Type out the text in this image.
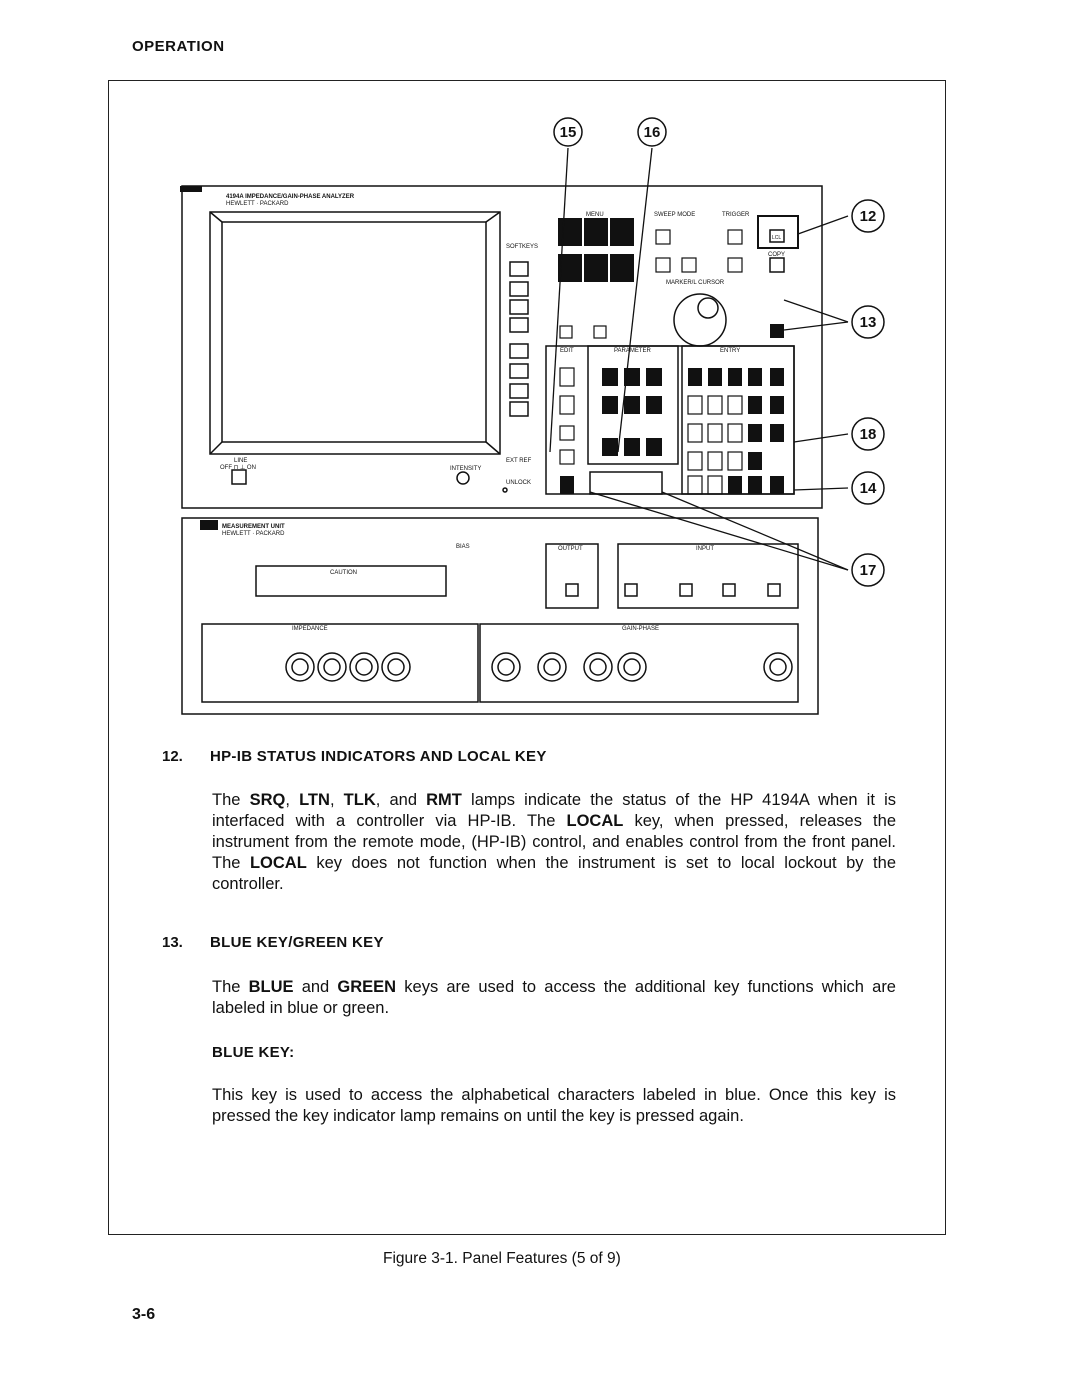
OPERATION
15	16
12
13
18
14
17
4194A IMPEDANCE/GAIN-PHASE ANALYZER
HEWLETT · PACKARD
SOFTKEYS
MENU	SWEEP MODE	TRIGGER
COPY
LCL
MARKER/L CURSOR
EDIT	PARAMETER	ENTRY
LINE
OFF ⊓ ⊥ ON	INTENSITY
EXT REF
UNLOCK
MEASUREMENT UNIT
HEWLETT · PACKARD
CAUTION
BIAS	OUTPUT	INPUT
IMPEDANCE	GAIN-PHASE
12. HP-IB STATUS INDICATORS AND LOCAL KEY

The SRQ, LTN, TLK, and RMT lamps indicate the status of the HP 4194A when it is interfaced with a controller via HP-IB. The LOCAL key, when pressed, releases the instrument from the remote mode, (HP-IB) control, and enables control from the front panel. The LOCAL key does not function when the instrument is set to local lockout by the controller.

13. BLUE KEY/GREEN KEY

The BLUE and GREEN keys are used to access the additional key functions which are labeled in blue or green.

BLUE KEY:

This key is used to access the alphabetical characters labeled in blue. Once this key is pressed the key indicator lamp remains on until the key is pressed again.

Figure 3-1. Panel Features (5 of 9)
3-6
